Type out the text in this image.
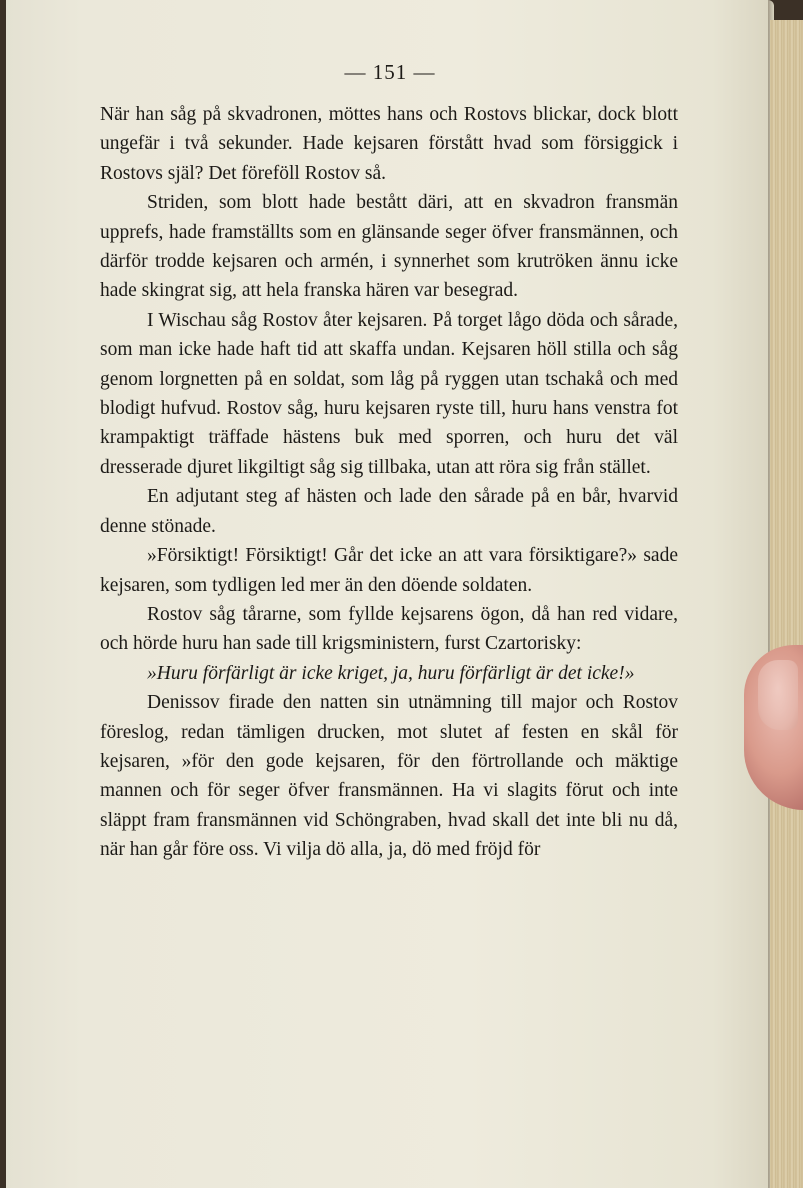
— 151 —

När han såg på skvadronen, möttes hans och Rostovs blickar, dock blott ungefär i två sekunder. Hade kejsaren förstått hvad som försiggick i Rostovs själ? Det föreföll Rostov så.

Striden, som blott hade bestått däri, att en skvadron fransmän upprefs, hade framställts som en glänsande seger öfver fransmännen, och därför trodde kejsaren och armén, i synnerhet som krutröken ännu icke hade skingrat sig, att hela franska hären var besegrad.

I Wischau såg Rostov åter kejsaren. På torget lågo döda och sårade, som man icke hade haft tid att skaffa undan. Kejsaren höll stilla och såg genom lorgnetten på en soldat, som låg på ryggen utan tschakå och med blodigt hufvud. Rostov såg, huru kejsaren ryste till, huru hans venstra fot krampaktigt träffade hästens buk med sporren, och huru det väl dresserade djuret likgiltigt såg sig tillbaka, utan att röra sig från stället.

En adjutant steg af hästen och lade den sårade på en bår, hvarvid denne stönade.

»Försiktigt! Försiktigt! Går det icke an att vara försiktigare?» sade kejsaren, som tydligen led mer än den döende soldaten.

Rostov såg tårarne, som fyllde kejsarens ögon, då han red vidare, och hörde huru han sade till krigsministern, furst Czartorisky:

»Huru förfärligt är icke kriget, ja, huru förfärligt är det icke!»

Denissov firade den natten sin utnämning till major och Rostov föreslog, redan tämligen drucken, mot slutet af festen en skål för kejsaren, »för den gode kejsaren, för den förtrollande och mäktige mannen och för seger öfver fransmännen. Ha vi slagits förut och inte släppt fram fransmännen vid Schöngraben, hvad skall det inte bli nu då, när han går före oss. Vi vilja dö alla, ja, dö med fröjd för
